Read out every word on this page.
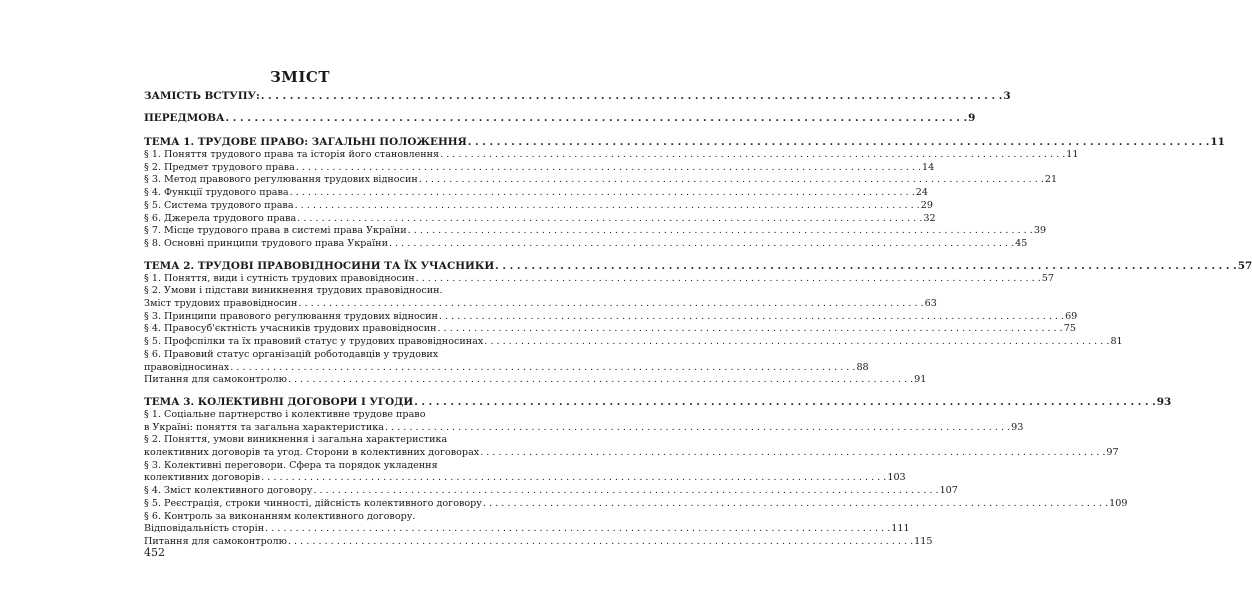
ЗМІСТ
ЗАМІСТЬ ВСТУПУ: . . .	3
ПЕРЕДМОВА . . .	9
ТЕМА 1. ТРУДОВЕ ПРАВО: ЗАГАЛЬНІ ПОЛОЖЕННЯ . . .	11
§ 1. Поняття трудового права та історія його становлення . . .	11
§ 2. Предмет трудового права . . .	14
§ 3. Метод правового регулювання трудових відносин . . .	21
§ 4. Функції трудового права . . .	24
§ 5. Система трудового права . . .	29
§ 6. Джерела трудового права . . .	32
§ 7. Місце трудового права в системі права України . . .	39
§ 8. Основні принципи трудового права України . . .	45
ТЕМА 2. ТРУДОВІ ПРАВОВІДНОСИНИ ТА ЇХ УЧАСНИКИ . . .	57
§ 1. Поняття, види і сутність трудових правовідносин . . .	57
§ 2. Умови і підстави виникнення трудових правовідносин.
Зміст трудових правовідносин . . .	63
§ 3. Принципи правового регулювання трудових відносин . . .	69
§ 4. Правосуб'єктність учасників трудових правовідносин . . .	75
§ 5. Профспілки та їх правовий статус у трудових правовідносинах . . .	81
§ 6. Правовий статус організацій роботодавців у трудових
правовідносинах . . .	88
Питання для самоконтролю . . .	91
ТЕМА 3. КОЛЕКТИВНІ ДОГОВОРИ І УГОДИ . . .	93
§ 1. Соціальне партнерство і колективне трудове право
в Україні: поняття та загальна характеристика . . .	93
§ 2. Поняття, умови виникнення і загальна характеристика
колективних договорів та угод. Сторони в колективних договорах . . .	97
§ 3. Колективні переговори. Сфера та порядок укладення
колективних договорів . . .	103
§ 4. Зміст колективного договору . . .	107
§ 5. Реєстрація, строки чинності, дійсність колективного договору . . .	109
§ 6. Контроль за виконанням колективного договору.
Відповідальність сторін . . .	111
Питання для самоконтролю . . .	115
452
